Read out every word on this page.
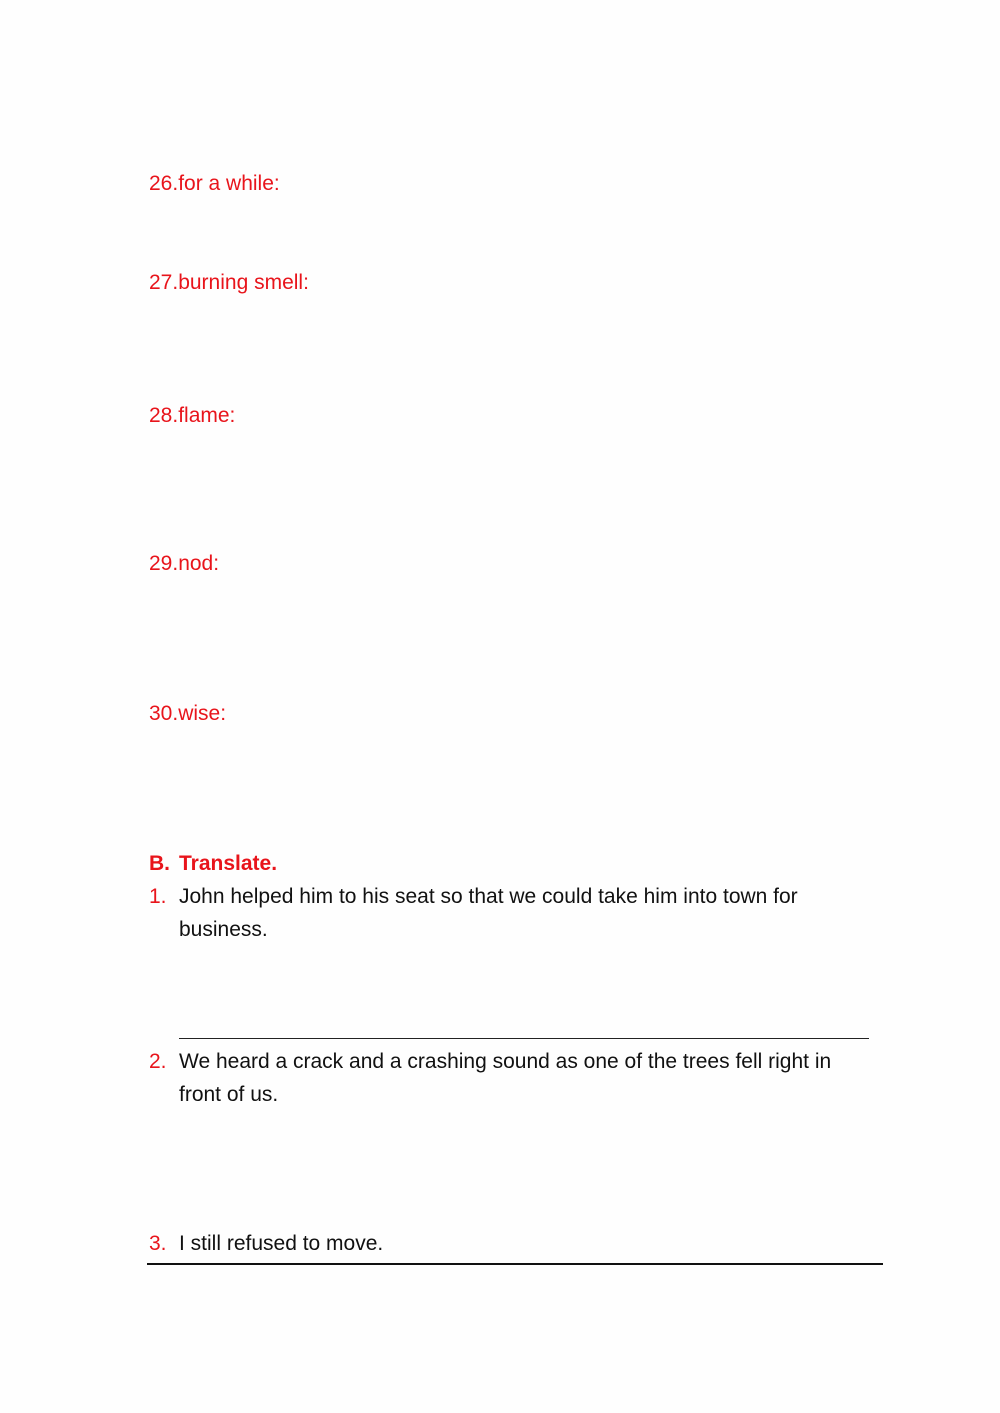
26.for a while:
27.burning smell:
28.flame:
29.nod:
30.wise:
B. Translate.
1. John helped him to his seat so that we could take him into town for business.
2. We heard a crack and a crashing sound as one of the trees fell right in front of us.
3. I still refused to move.
